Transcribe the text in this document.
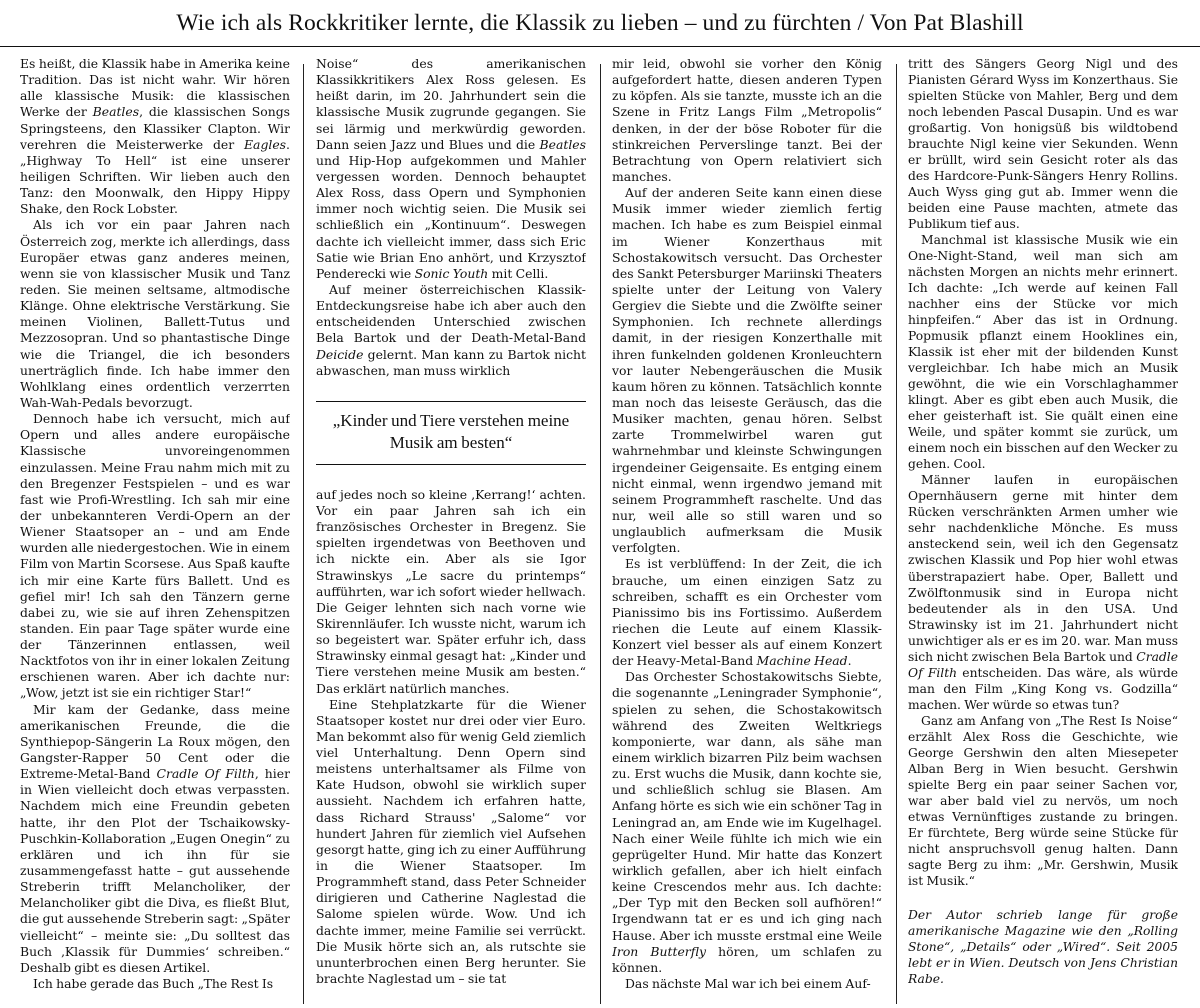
Wie ich als Rockkritiker lernte, die Klassik zu lieben – und zu fürchten / Von Pat Blashill

Es heißt, die Klassik habe in Amerika keine Tradition. Das ist nicht wahr. Wir hören alle klassische Musik: die klassischen Werke der Beatles, die klassischen Songs Springsteens, den Klassiker Clapton. Wir verehren die Meisterwerke der Eagles. „Highway To Hell“ ist eine unserer heiligen Schriften. Wir lieben auch den Tanz: den Moonwalk, den Hippy Hippy Shake, den Rock Lobster.

Als ich vor ein paar Jahren nach Österreich zog, merkte ich allerdings, dass Europäer etwas ganz anderes meinen, wenn sie von klassischer Musik und Tanz reden. Sie meinen seltsame, altmodische Klänge. Ohne elektrische Verstärkung. Sie meinen Violinen, Ballett-Tutus und Mezzosopran. Und so phantastische Dinge wie die Triangel, die ich besonders unerträglich finde. Ich habe immer den Wohlklang eines ordentlich verzerrten Wah-Wah-Pedals bevorzugt.

Dennoch habe ich versucht, mich auf Opern und alles andere europäische Klassische unvoreingenommen einzulassen. Meine Frau nahm mich mit zu den Bregenzer Festspielen – und es war fast wie Profi-Wrestling. Ich sah mir eine der unbekannteren Verdi-Opern an der Wiener Staatsoper an – und am Ende wurden alle niedergestochen. Wie in einem Film von Martin Scorsese. Aus Spaß kaufte ich mir eine Karte fürs Ballett. Und es gefiel mir! Ich sah den Tänzern gerne dabei zu, wie sie auf ihren Zehenspitzen standen. Ein paar Tage später wurde eine der Tänzerinnen entlassen, weil Nacktfotos von ihr in einer lokalen Zeitung erschienen waren. Aber ich dachte nur: „Wow, jetzt ist sie ein richtiger Star!“

Mir kam der Gedanke, dass meine amerikanischen Freunde, die die Synthiepop-Sängerin La Roux mögen, den Gangster-Rapper 50 Cent oder die Extreme-Metal-Band Cradle Of Filth, hier in Wien vielleicht doch etwas verpassten. Nachdem mich eine Freundin gebeten hatte, ihr den Plot der Tschaikowsky-Puschkin-Kollaboration „Eugen Onegin“ zu erklären und ich ihn für sie zusammengefasst hatte – gut aussehende Streberin trifft Melancholiker, der Melancholiker gibt die Diva, es fließt Blut, die gut aussehende Streberin sagt: „Später vielleicht“ – meinte sie: „Du solltest das Buch ‚Klassik für Dummies‘ schreiben.“ Deshalb gibt es diesen Artikel.

Ich habe gerade das Buch „The Rest Is

Noise“ des amerikanischen Klassikkritikers Alex Ross gelesen. Es heißt darin, im 20. Jahrhundert sein die klassische Musik zugrunde gegangen. Sie sei lärmig und merkwürdig geworden. Dann seien Jazz und Blues und die Beatles und Hip-Hop aufgekommen und Mahler vergessen worden. Dennoch behauptet Alex Ross, dass Opern und Symphonien immer noch wichtig seien. Die Musik sei schließlich ein „Kontinuum“. Deswegen dachte ich vielleicht immer, dass sich Eric Satie wie Brian Eno anhört, und Krzysztof Penderecki wie Sonic Youth mit Celli.

Auf meiner österreichischen Klassik-Entdeckungsreise habe ich aber auch den entscheidenden Unterschied zwischen Bela Bartok und der Death-Metal-Band Deicide gelernt. Man kann zu Bartok nicht abwaschen, man muss wirklich

„Kinder und Tiere verstehen meine Musik am besten“

auf jedes noch so kleine ‚Kerrang!‘ achten. Vor ein paar Jahren sah ich ein französisches Orchester in Bregenz. Sie spielten irgendetwas von Beethoven und ich nickte ein. Aber als sie Igor Strawinskys „Le sacre du printemps“ aufführten, war ich sofort wieder hellwach. Die Geiger lehnten sich nach vorne wie Skirennläufer. Ich wusste nicht, warum ich so begeistert war. Später erfuhr ich, dass Strawinsky einmal gesagt hat: „Kinder und Tiere verstehen meine Musik am besten.“ Das erklärt natürlich manches.

Eine Stehplatzkarte für die Wiener Staatsoper kostet nur drei oder vier Euro. Man bekommt also für wenig Geld ziemlich viel Unterhaltung. Denn Opern sind meistens unterhaltsamer als Filme von Kate Hudson, obwohl sie wirklich super aussieht. Nachdem ich erfahren hatte, dass Richard Strauss' „Salome“ vor hundert Jahren für ziemlich viel Aufsehen gesorgt hatte, ging ich zu einer Aufführung in die Wiener Staatsoper. Im Programmheft stand, dass Peter Schneider dirigieren und Catherine Naglestad die Salome spielen würde. Wow. Und ich dachte immer, meine Familie sei verrückt. Die Musik hörte sich an, als rutschte sie ununterbrochen einen Berg herunter. Sie brachte Naglestad um – sie tat

mir leid, obwohl sie vorher den König aufgefordert hatte, diesen anderen Typen zu köpfen. Als sie tanzte, musste ich an die Szene in Fritz Langs Film „Metropolis“ denken, in der der böse Roboter für die stinkreichen Perverslinge tanzt. Bei der Betrachtung von Opern relativiert sich manches.

Auf der anderen Seite kann einen diese Musik immer wieder ziemlich fertig machen. Ich habe es zum Beispiel einmal im Wiener Konzerthaus mit Schostakowitsch versucht. Das Orchester des Sankt Petersburger Mariinski Theaters spielte unter der Leitung von Valery Gergiev die Siebte und die Zwölfte seiner Symphonien. Ich rechnete allerdings damit, in der riesigen Konzerthalle mit ihren funkelnden goldenen Kronleuchtern vor lauter Nebengeräuschen die Musik kaum hören zu können. Tatsächlich konnte man noch das leiseste Geräusch, das die Musiker machten, genau hören. Selbst zarte Trommelwirbel waren gut wahrnehmbar und kleinste Schwingungen irgendeiner Geigensaite. Es entging einem nicht einmal, wenn irgendwo jemand mit seinem Programmheft raschelte. Und das nur, weil alle so still waren und so unglaublich aufmerksam die Musik verfolgten.

Es ist verblüffend: In der Zeit, die ich brauche, um einen einzigen Satz zu schreiben, schafft es ein Orchester vom Pianissimo bis ins Fortissimo. Außerdem riechen die Leute auf einem Klassik-Konzert viel besser als auf einem Konzert der Heavy-Metal-Band Machine Head.

Das Orchester Schostakowitschs Siebte, die sogenannte „Leningrader Symphonie“, spielen zu sehen, die Schostakowitsch während des Zweiten Weltkriegs komponierte, war dann, als sähe man einem wirklich bizarren Pilz beim wachsen zu. Erst wuchs die Musik, dann kochte sie, und schließlich schlug sie Blasen. Am Anfang hörte es sich wie ein schöner Tag in Leningrad an, am Ende wie im Kugelhagel. Nach einer Weile fühlte ich mich wie ein geprügelter Hund. Mir hatte das Konzert wirklich gefallen, aber ich hielt einfach keine Crescendos mehr aus. Ich dachte: „Der Typ mit den Becken soll aufhören!“ Irgendwann tat er es und ich ging nach Hause. Aber ich musste erstmal eine Weile Iron Butterfly hören, um schlafen zu können.

Das nächste Mal war ich bei einem Auf-

tritt des Sängers Georg Nigl und des Pianisten Gérard Wyss im Konzerthaus. Sie spielten Stücke von Mahler, Berg und dem noch lebenden Pascal Dusapin. Und es war großartig. Von honigsüß bis wildtobend brauchte Nigl keine vier Sekunden. Wenn er brüllt, wird sein Gesicht roter als das des Hardcore-Punk-Sängers Henry Rollins. Auch Wyss ging gut ab. Immer wenn die beiden eine Pause machten, atmete das Publikum tief aus.

Manchmal ist klassische Musik wie ein One-Night-Stand, weil man sich am nächsten Morgen an nichts mehr erinnert. Ich dachte: „Ich werde auf keinen Fall nachher eins der Stücke vor mich hinpfeifen.“ Aber das ist in Ordnung. Popmusik pflanzt einem Hooklines ein, Klassik ist eher mit der bildenden Kunst vergleichbar. Ich habe mich an Musik gewöhnt, die wie ein Vorschlaghammer klingt. Aber es gibt eben auch Musik, die eher geisterhaft ist. Sie quält einen eine Weile, und später kommt sie zurück, um einem noch ein bisschen auf den Wecker zu gehen. Cool.

Männer laufen in europäischen Opernhäusern gerne mit hinter dem Rücken verschränkten Armen umher wie sehr nachdenkliche Mönche. Es muss ansteckend sein, weil ich den Gegensatz zwischen Klassik und Pop hier wohl etwas überstrapaziert habe. Oper, Ballett und Zwölftonmusik sind in Europa nicht bedeutender als in den USA. Und Strawinsky ist im 21. Jahrhundert nicht unwichtiger als er es im 20. war. Man muss sich nicht zwischen Bela Bartok und Cradle Of Filth entscheiden. Das wäre, als würde man den Film „King Kong vs. Godzilla“ machen. Wer würde so etwas tun?

Ganz am Anfang von „The Rest Is Noise“ erzählt Alex Ross die Geschichte, wie George Gershwin den alten Miesepeter Alban Berg in Wien besucht. Gershwin spielte Berg ein paar seiner Sachen vor, war aber bald viel zu nervös, um noch etwas Vernünftiges zustande zu bringen. Er fürchtete, Berg würde seine Stücke für nicht anspruchsvoll genug halten. Dann sagte Berg zu ihm: „Mr. Gershwin, Musik ist Musik.“

Der Autor schrieb lange für große amerikanische Magazine wie den „Rolling Stone“, „Details“ oder „Wired“. Seit 2005 lebt er in Wien. Deutsch von Jens Christian Rabe.
